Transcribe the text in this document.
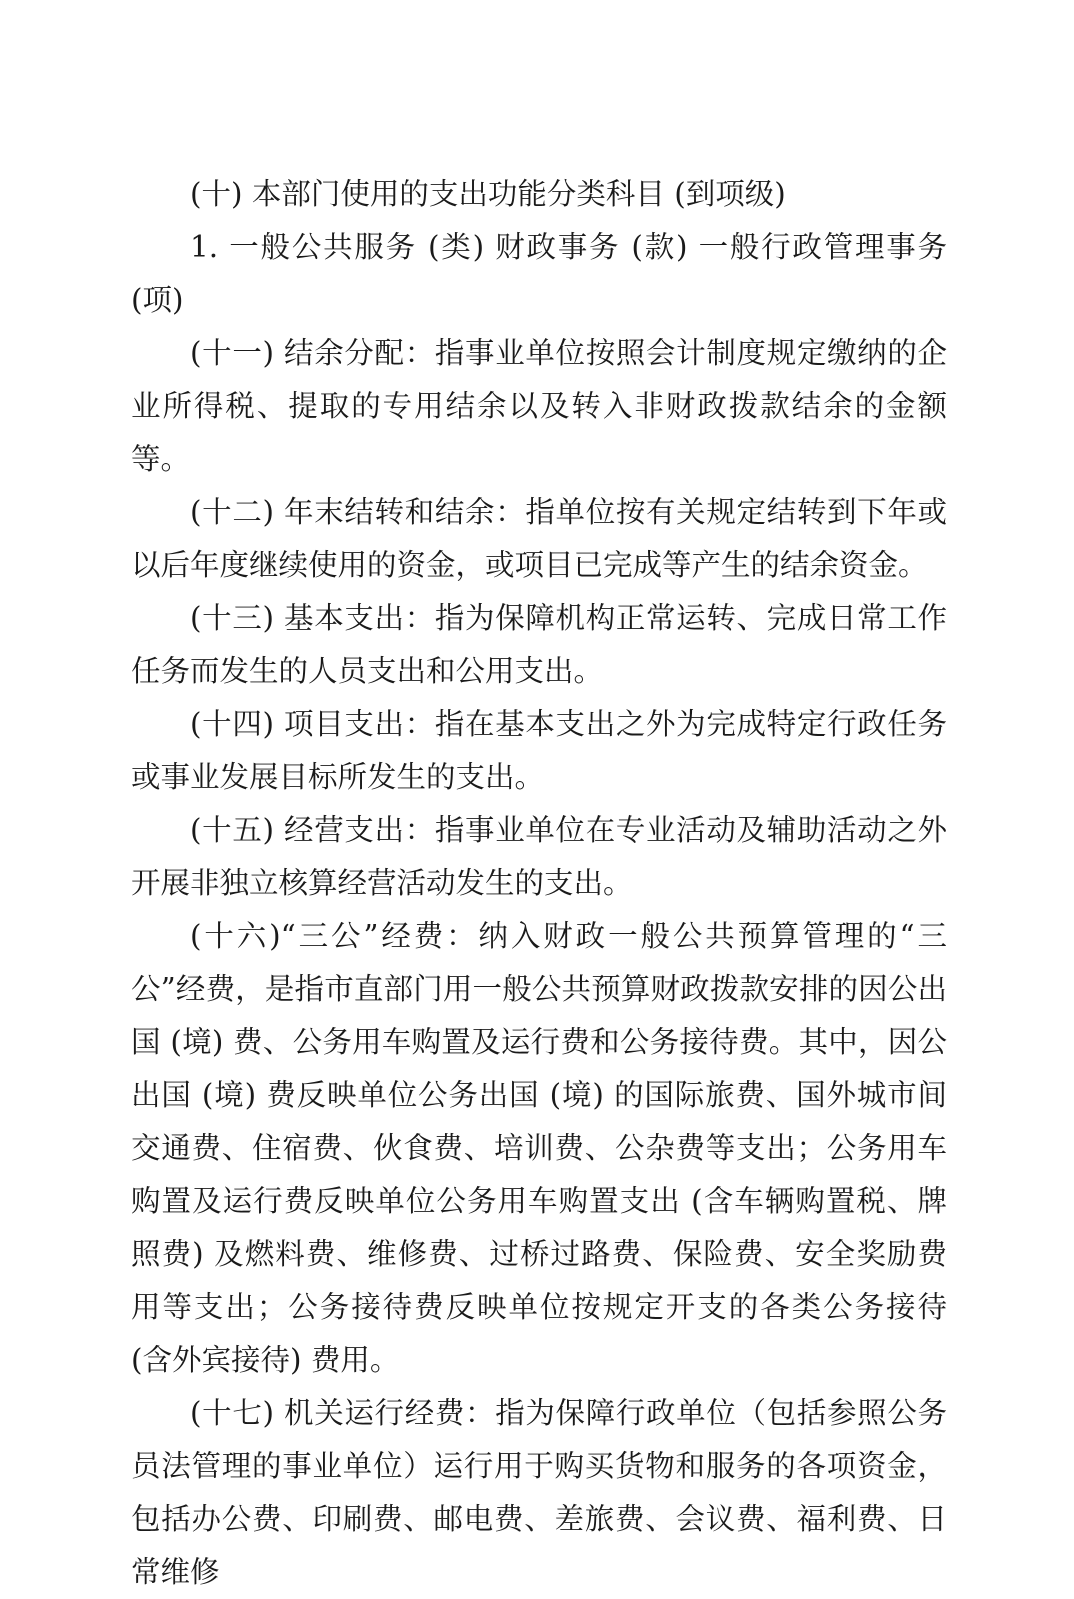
(十) 本部门使用的支出功能分类科目 (到项级)

1. 一般公共服务 (类) 财政事务 (款) 一般行政管理事务 (项)

(十一) 结余分配：指事业单位按照会计制度规定缴纳的企业所得税、提取的专用结余以及转入非财政拨款结余的金额等。

(十二) 年末结转和结余：指单位按有关规定结转到下年或以后年度继续使用的资金，或项目已完成等产生的结余资金。

(十三) 基本支出：指为保障机构正常运转、完成日常工作任务而发生的人员支出和公用支出。

(十四) 项目支出：指在基本支出之外为完成特定行政任务或事业发展目标所发生的支出。

(十五) 经营支出：指事业单位在专业活动及辅助活动之外开展非独立核算经营活动发生的支出。

(十六)“三公”经费：纳入财政一般公共预算管理的“三公”经费，是指市直部门用一般公共预算财政拨款安排的因公出国 (境) 费、公务用车购置及运行费和公务接待费。其中，因公出国 (境) 费反映单位公务出国 (境) 的国际旅费、国外城市间交通费、住宿费、伙食费、培训费、公杂费等支出；公务用车购置及运行费反映单位公务用车购置支出 (含车辆购置税、牌照费) 及燃料费、维修费、过桥过路费、保险费、安全奖励费用等支出；公务接待费反映单位按规定开支的各类公务接待 (含外宾接待) 费用。

(十七) 机关运行经费：指为保障行政单位（包括参照公务员法管理的事业单位）运行用于购买货物和服务的各项资金，包括办公费、印刷费、邮电费、差旅费、会议费、福利费、日常维修
